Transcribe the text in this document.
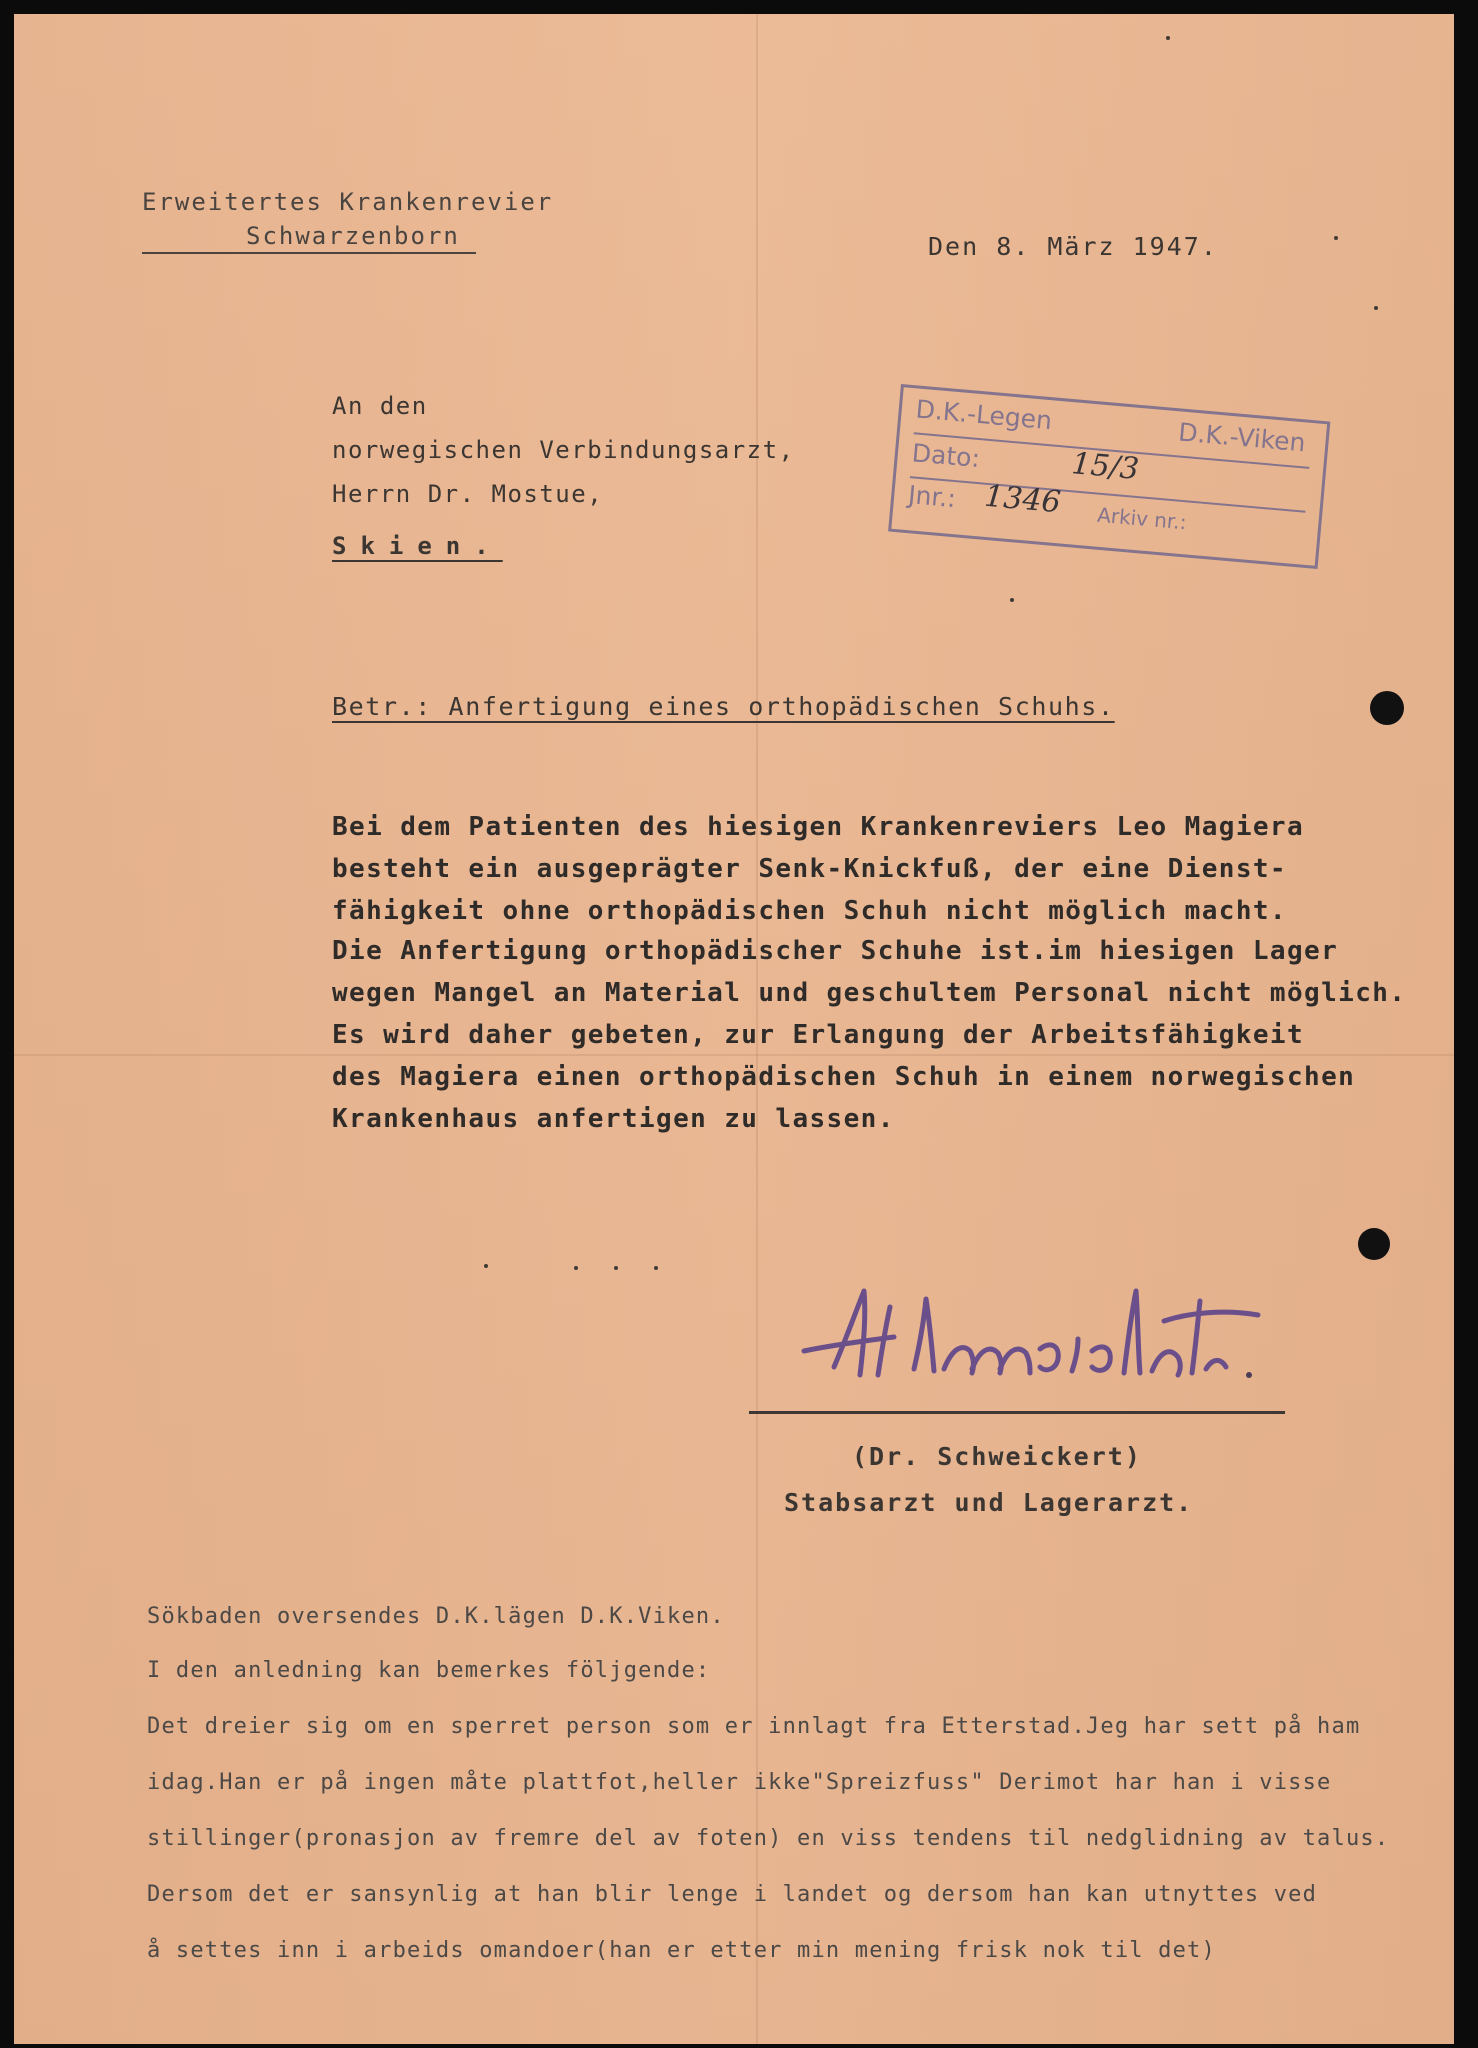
Erweitertes Krankenrevier
Schwarzenborn	Den 8. März 1947.
An den
norwegischen Verbindungsarzt,
Herrn Dr. Mostue,
Skien.
D.K.-Legen
D.K.-Viken
Dato:	15/3
Jnr.: 1346 Arkiv nr.:
Betr.: Anfertigung eines orthopädischen Schuhs.
Bei dem Patienten des hiesigen Krankenreviers Leo Magiera
besteht ein ausgeprägter Senk-Knickfuß, der eine Dienst-
fähigkeit ohne orthopädischen Schuh nicht möglich macht.
Die Anfertigung orthopädischer Schuhe ist.im hiesigen Lager
wegen Mangel an Material und geschultem Personal nicht möglich.
Es wird daher gebeten, zur Erlangung der Arbeitsfähigkeit
des Magiera einen orthopädischen Schuh in einem norwegischen
Krankenhaus anfertigen zu lassen.
(Dr. Schweickert)
Stabsarzt und Lagerarzt.
Sökbaden oversendes D.K.lägen D.K.Viken.
I den anledning kan bemerkes följgende:
Det dreier sig om en sperret person som er innlagt fra Etterstad.Jeg har sett på ham
idag.Han er på ingen måte plattfot,heller ikke"Spreizfuss" Derimot har han i visse
stillinger(pronasjon av fremre del av foten) en viss tendens til nedglidning av talus.
Dersom det er sansynlig at han blir lenge i landet og dersom han kan utnyttes ved
å settes inn i arbeids omandoer(han er etter min mening frisk nok til det)
